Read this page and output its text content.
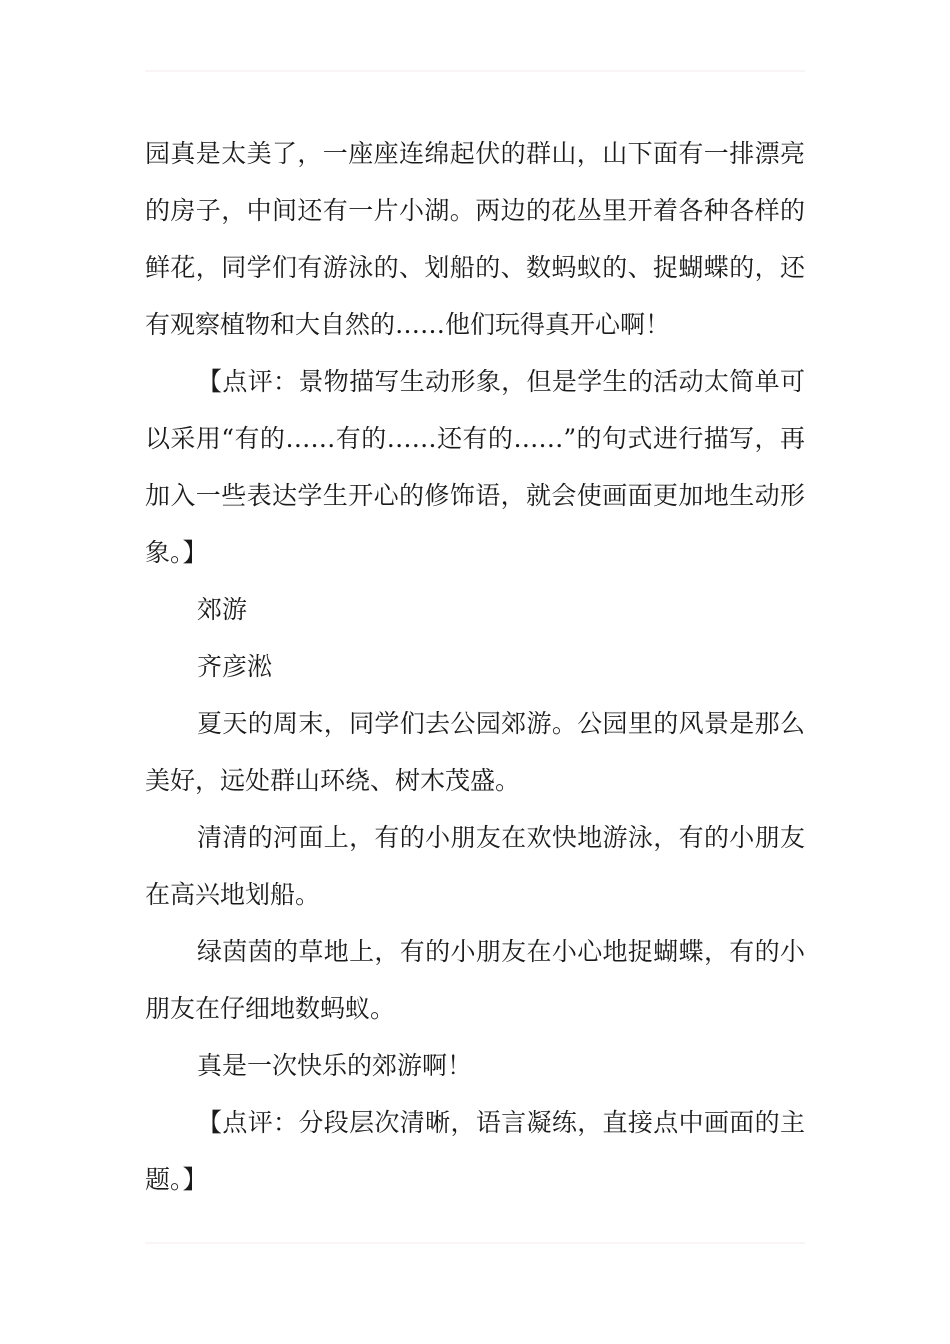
园真是太美了，一座座连绵起伏的群山，山下面有一排漂亮的房子，中间还有一片小湖。两边的花丛里开着各种各样的鲜花，同学们有游泳的、划船的、数蚂蚁的、捉蝴蝶的，还有观察植物和大自然的……他们玩得真开心啊！

【点评：景物描写生动形象，但是学生的活动太简单可以采用“有的……有的……还有的……”的句式进行描写，再加入一些表达学生开心的修饰语，就会使画面更加地生动形象。】

郊游

齐彦淞

夏天的周末，同学们去公园郊游。公园里的风景是那么美好，远处群山环绕、树木茂盛。

清清的河面上，有的小朋友在欢快地游泳，有的小朋友在高兴地划船。

绿茵茵的草地上，有的小朋友在小心地捉蝴蝶，有的小朋友在仔细地数蚂蚁。

真是一次快乐的郊游啊！

【点评：分段层次清晰，语言凝练，直接点中画面的主题。】
